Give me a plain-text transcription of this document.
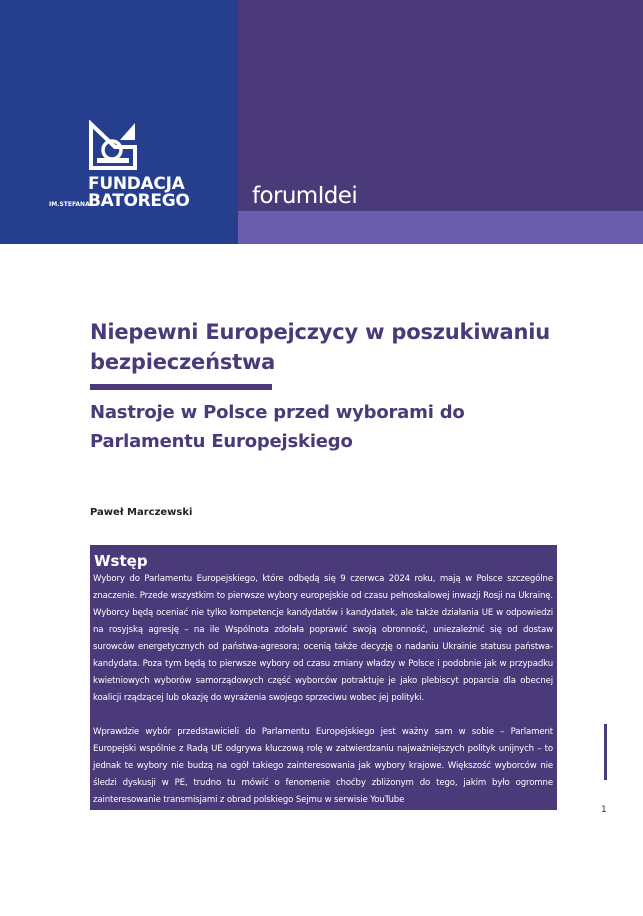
FUNDACJA
IM.STEFANA
BATOREGO	forumIdei
Niepewni Europejczycy w poszukiwaniu bezpieczeństwa
Nastroje w Polsce przed wyborami do Parlamentu Europejskiego
Paweł Marczewski
Wstęp

Wybory do Parlamentu Europejskiego, które odbędą się 9 czerwca 2024 roku, mają w Polsce szczególne znaczenie. Przede wszystkim to pierwsze wybory europejskie od czasu pełnoskalowej inwazji Rosji na Ukrainę. Wyborcy będą oceniać nie tylko kompetencje kandydatów i kandydatek, ale także działania UE w odpowiedzi na rosyjską agresję – na ile Wspólnota zdołała poprawić swoją obronność, uniezależnić się od dostaw surowców energetycznych od państwa-agresora; ocenią także decyzję o nadaniu Ukrainie statusu państwa-kandydata. Poza tym będą to pierwsze wybory od czasu zmiany władzy w Polsce i podobnie jak w przypadku kwietniowych wyborów samorządowych część wyborców potraktuje je jako plebiscyt poparcia dla obecnej koalicji rządzącej lub okazję do wyrażenia swojego sprzeciwu wobec jej polityki.

Wprawdzie wybór przedstawicieli do Parlamentu Europejskiego jest ważny sam w sobie – Parlament Europejski wspólnie z Radą UE odgrywa kluczową rolę w zatwierdzaniu najważniejszych polityk unijnych – to jednak te wybory nie budzą na ogół takiego zainteresowania jak wybory krajowe. Większość wyborców nie śledzi dyskusji w PE, trudno tu mówić o fenomenie choćby zbliżonym do tego, jakim było ogromne zainteresowanie transmisjami z obrad polskiego Sejmu w serwisie YouTube

1
